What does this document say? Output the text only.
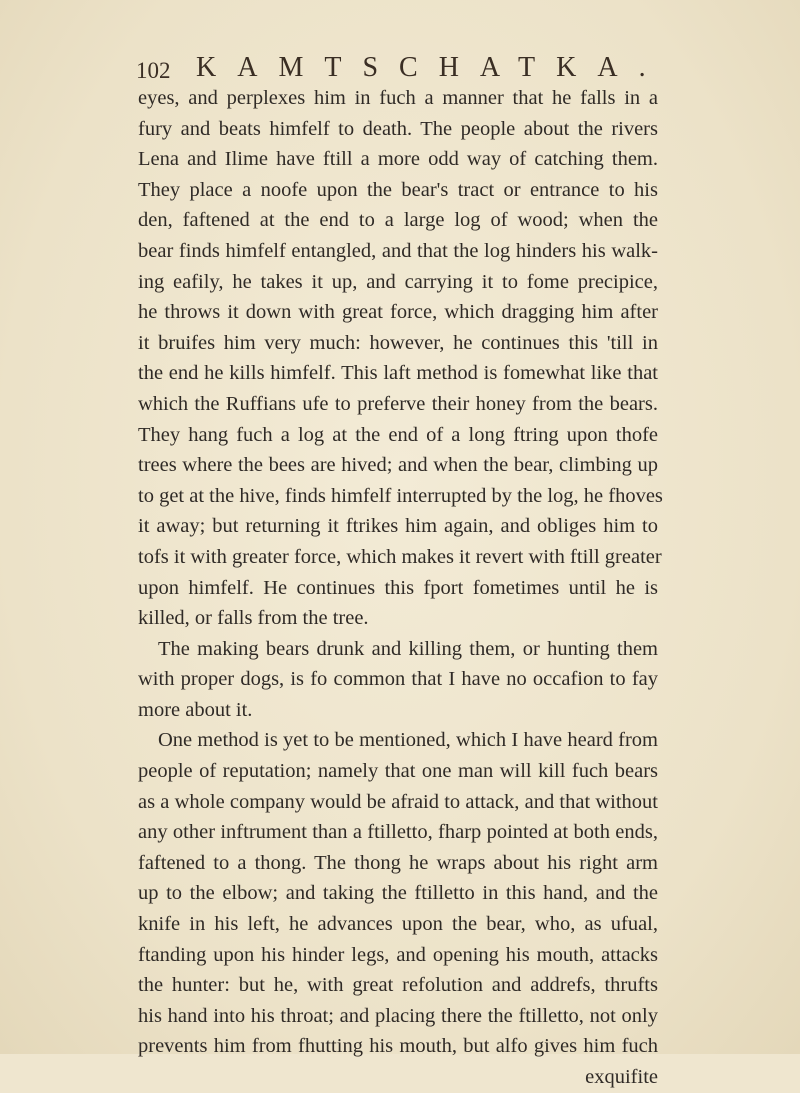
102 KAMTSCHATKA.
eyes, and perplexes him in fuch a manner that he falls in a
fury and beats himfelf to death. The people about the rivers
Lena and Ilime have ftill a more odd way of catching them.
They place a noofe upon the bear's tract or entrance to his
den, faftened at the end to a large log of wood; when the
bear finds himfelf entangled, and that the log hinders his walk-
ing eafily, he takes it up, and carrying it to fome precipice,
he throws it down with great force, which dragging him after
it bruifes him very much: however, he continues this 'till in
the end he kills himfelf. This laft method is fomewhat like that
which the Ruffians ufe to preferve their honey from the bears.
They hang fuch a log at the end of a long ftring upon thofe
trees where the bees are hived; and when the bear, climbing up
to get at the hive, finds himfelf interrupted by the log, he fhoves
it away; but returning it ftrikes him again, and obliges him to
tofs it with greater force, which makes it revert with ftill greater
upon himfelf. He continues this fport fometimes until he is
killed, or falls from the tree.
The making bears drunk and killing them, or hunting them
with proper dogs, is fo common that I have no occafion to fay
more about it.
One method is yet to be mentioned, which I have heard from
people of reputation; namely that one man will kill fuch bears
as a whole company would be afraid to attack, and that without
any other inftrument than a ftilletto, fharp pointed at both ends,
faftened to a thong. The thong he wraps about his right arm
up to the elbow; and taking the ftilletto in this hand, and the
knife in his left, he advances upon the bear, who, as ufual,
ftanding upon his hinder legs, and opening his mouth, attacks
the hunter: but he, with great refolution and addrefs, thrufts
his hand into his throat; and placing there the ftilletto, not only
prevents him from fhutting his mouth, but alfo gives him fuch
exquifite
